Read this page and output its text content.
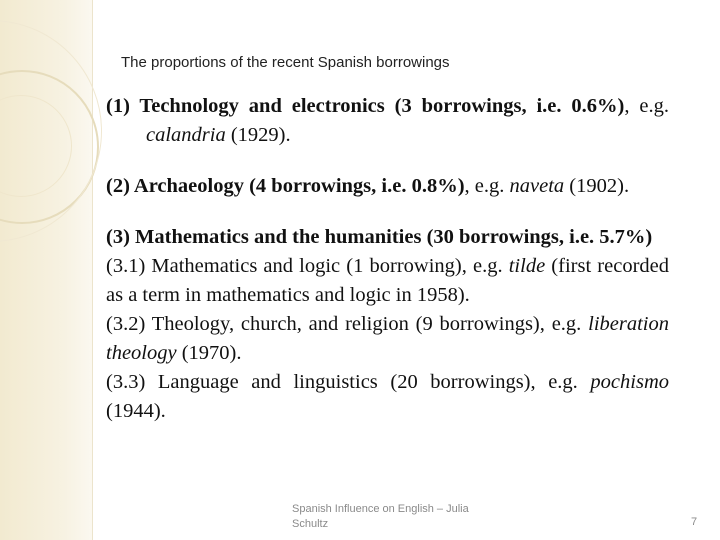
The proportions of the recent Spanish borrowings
(1) Technology and electronics (3 borrowings, i.e. 0.6%), e.g. calandria (1929).
(2) Archaeology (4 borrowings, i.e. 0.8%), e.g. naveta (1902).
(3) Mathematics and the humanities (30 borrowings, i.e. 5.7%)
(3.1) Mathematics and logic (1 borrowing), e.g. tilde (first recorded as a term in mathematics and logic in 1958).
(3.2) Theology, church, and religion (9 borrowings), e.g. liberation theology (1970).
(3.3) Language and linguistics (20 borrowings), e.g. pochismo (1944).
Spanish Influence on English – Julia Schultz	7
